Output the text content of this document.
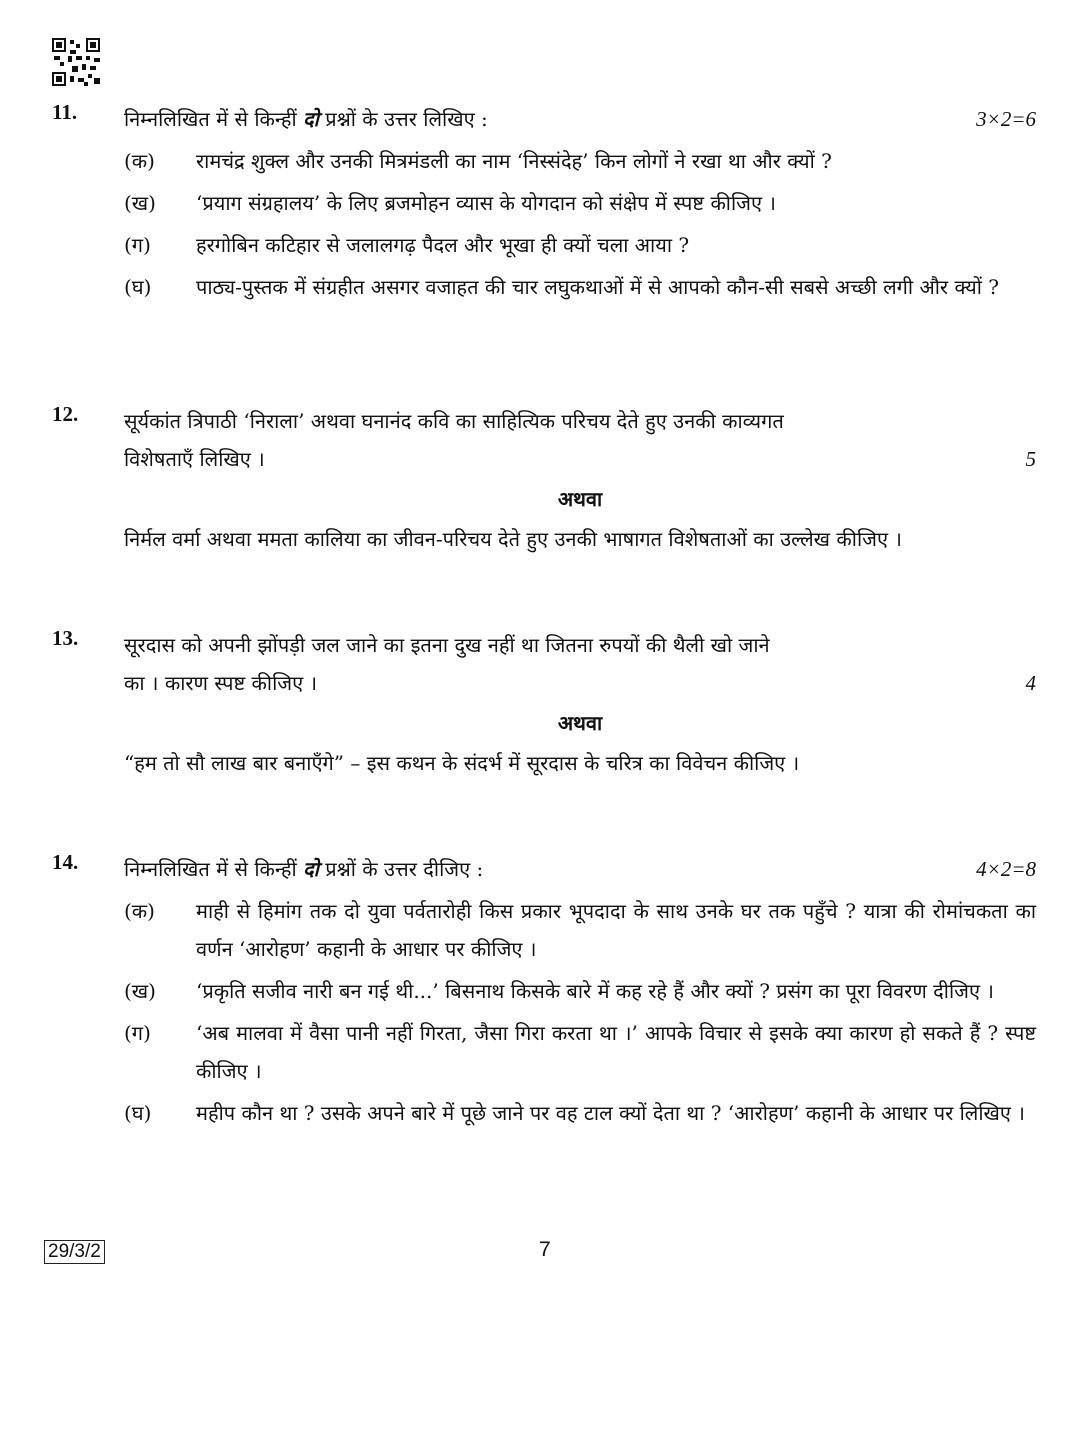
11. निम्नलिखित में से किन्हीं दो प्रश्नों के उत्तर लिखिए :	3×2=6
(क)	रामचंद्र शुक्ल और उनकी मित्रमंडली का नाम ‘निस्संदेह’ किन लोगों ने रखा था और क्यों ?
(ख)	‘प्रयाग संग्रहालय’ के लिए ब्रजमोहन व्यास के योगदान को संक्षेप में स्पष्ट कीजिए ।
(ग)	हरगोबिन कटिहार से जलालगढ़ पैदल और भूखा ही क्यों चला आया ?
(घ)	पाठ्य-पुस्तक में संग्रहीत असगर वजाहत की चार लघुकथाओं में से आपको कौन-सी सबसे अच्छी लगी और क्यों ?
12. सूर्यकांत त्रिपाठी ‘निराला’ अथवा घनानंद कवि का साहित्यिक परिचय देते हुए उनकी काव्यगत
विशेषताएँ लिखिए ।	5
अथवा
निर्मल वर्मा अथवा ममता कालिया का जीवन-परिचय देते हुए उनकी भाषागत विशेषताओं का उल्लेख कीजिए ।
13. सूरदास को अपनी झोंपड़ी जल जाने का इतना दुख नहीं था जितना रुपयों की थैली खो जाने
का । कारण स्पष्ट कीजिए ।	4
अथवा
“हम तो सौ लाख बार बनाएँगे” – इस कथन के संदर्भ में सूरदास के चरित्र का विवेचन कीजिए ।
14. निम्नलिखित में से किन्हीं दो प्रश्नों के उत्तर दीजिए :	4×2=8
(क)	माही से हिमांग तक दो युवा पर्वतारोही किस प्रकार भूपदादा के साथ उनके घर तक पहुँचे ? यात्रा की रोमांचकता का वर्णन ‘आरोहण’ कहानी के आधार पर कीजिए ।
(ख)	‘प्रकृति सजीव नारी बन गई थी...’ बिसनाथ किसके बारे में कह रहे हैं और क्यों ? प्रसंग का पूरा विवरण दीजिए ।
(ग)	‘अब मालवा में वैसा पानी नहीं गिरता, जैसा गिरा करता था ।’ आपके विचार से इसके क्या कारण हो सकते हैं ? स्पष्ट कीजिए ।
(घ)	महीप कौन था ? उसके अपने बारे में पूछे जाने पर वह टाल क्यों देता था ? ‘आरोहण’ कहानी के आधार पर लिखिए ।
29/3/2	7
